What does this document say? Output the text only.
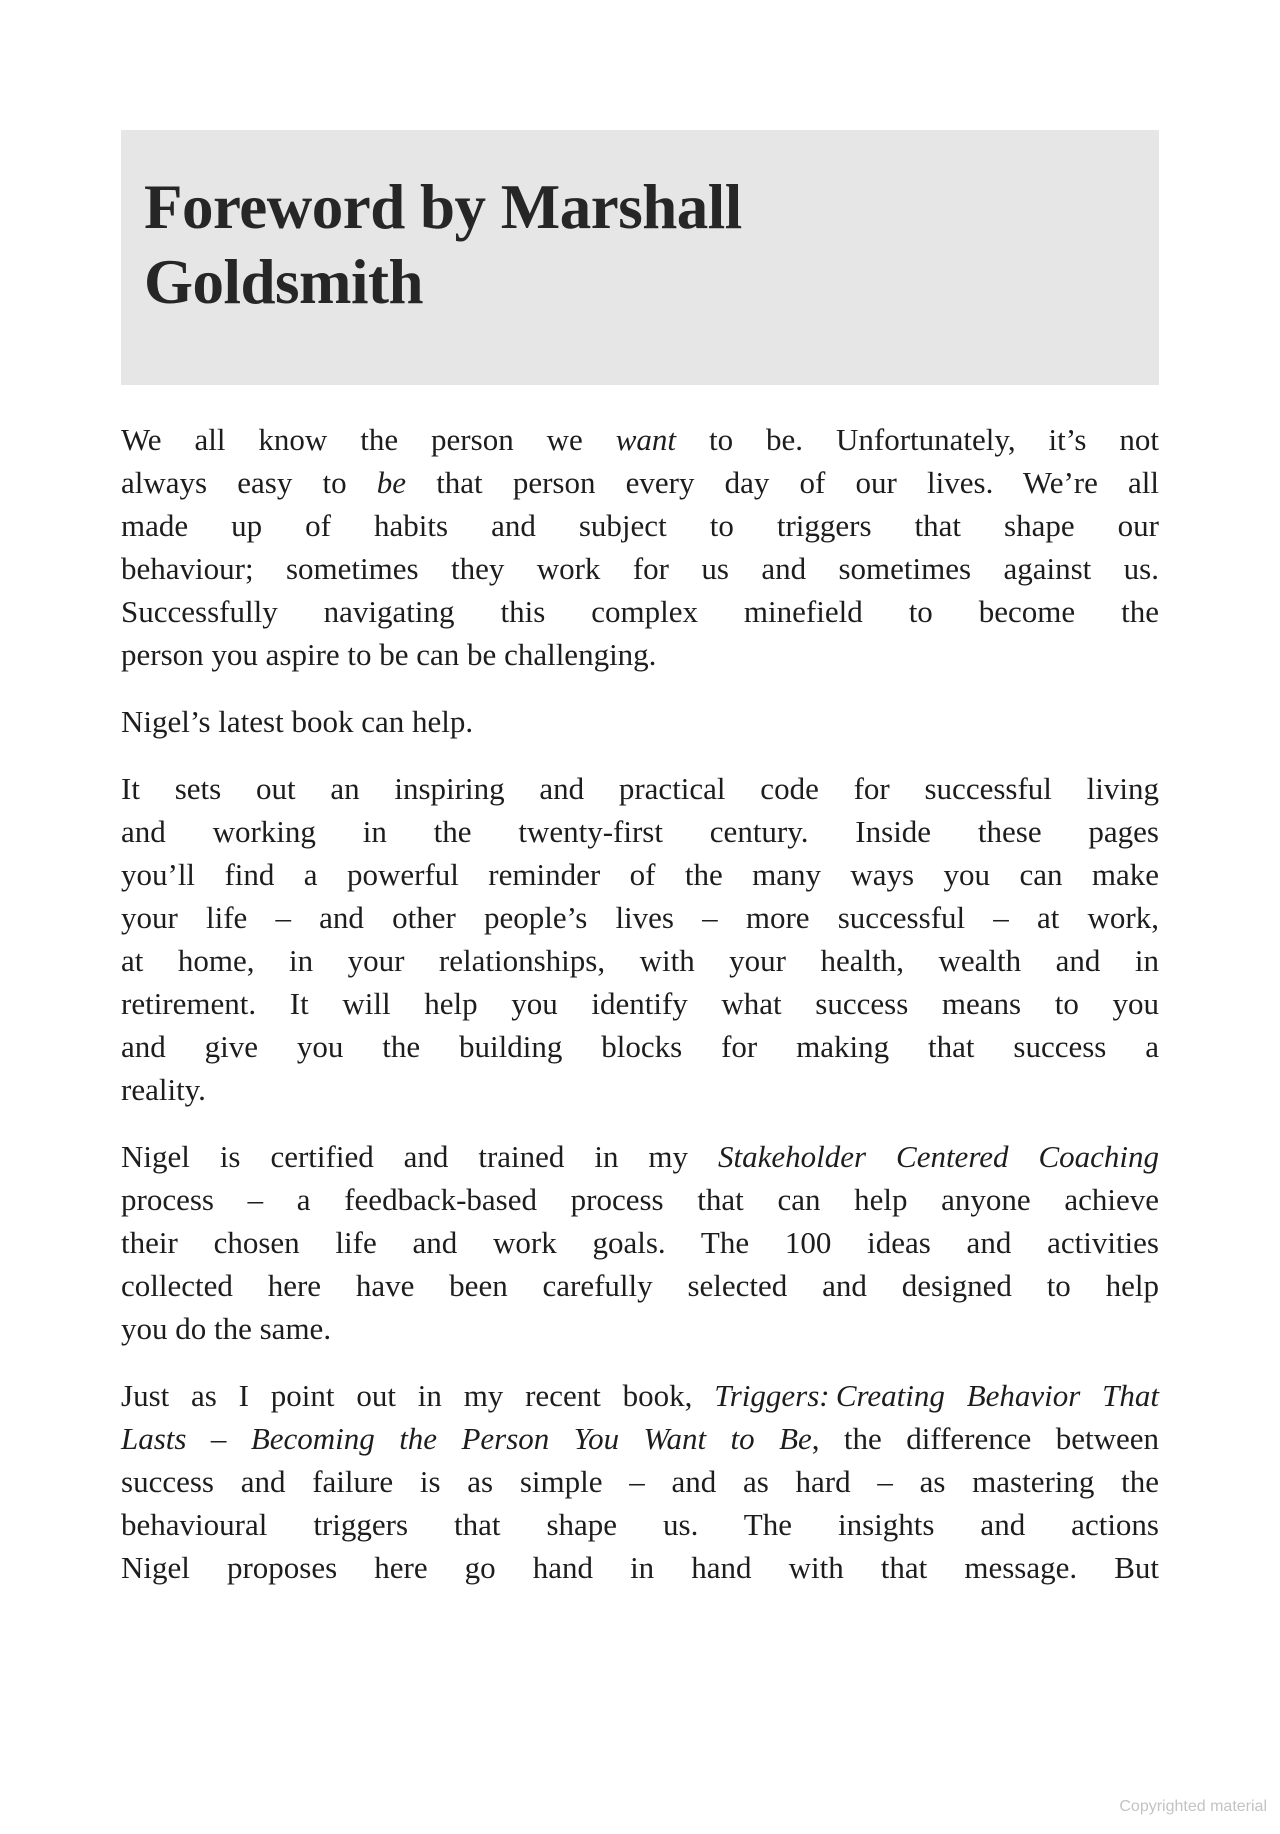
Foreword by Marshall
Goldsmith

We all know the person we want to be. Unfortunately, it’s not
always easy to be that person every day of our lives. We’re all
made up of habits and subject to triggers that shape our
behaviour; sometimes they work for us and sometimes against us.
Successfully navigating this complex minefield to become the
person you aspire to be can be challenging.

Nigel’s latest book can help.

It sets out an inspiring and practical code for successful living
and working in the twenty-first century. Inside these pages
you’ll find a powerful reminder of the many ways you can make
your life – and other people’s lives – more successful – at work,
at home, in your relationships, with your health, wealth and in
retirement. It will help you identify what success means to you
and give you the building blocks for making that success a
reality.

Nigel is certified and trained in my Stakeholder Centered Coaching
process – a feedback-based process that can help anyone achieve
their chosen life and work goals. The 100 ideas and activities
collected here have been carefully selected and designed to help
you do the same.

Just as I point out in my recent book, Triggers: Creating Behavior That
Lasts – Becoming the Person You Want to Be, the difference between
success and failure is as simple – and as hard – as mastering the
behavioural triggers that shape us. The insights and actions
Nigel proposes here go hand in hand with that message. But

Copyrighted material
